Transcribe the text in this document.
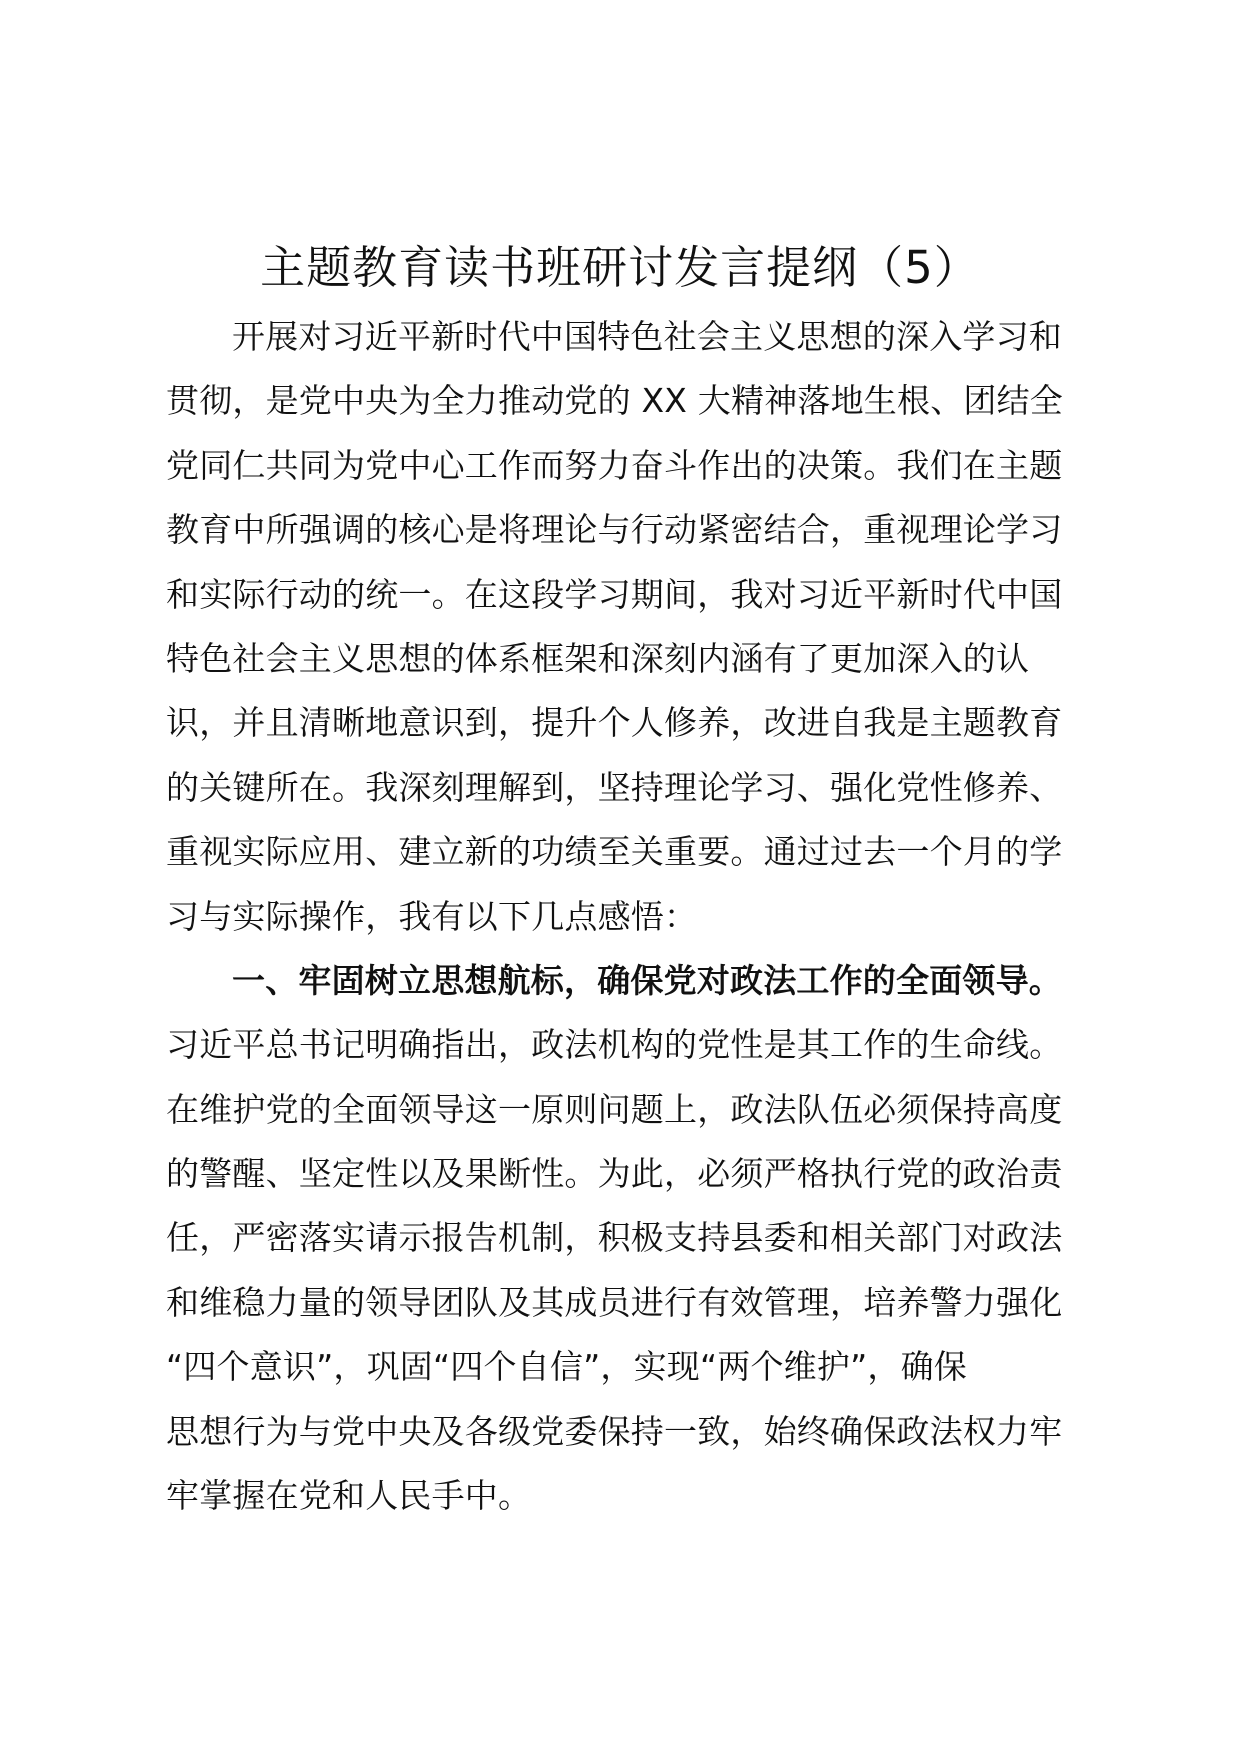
主题教育读书班研讨发言提纲（5）
开展对习近平新时代中国特色社会主义思想的深入学习和
贯彻，是党中央为全力推动党的 XX 大精神落地生根、团结全
党同仁共同为党中心工作而努力奋斗作出的决策。我们在主题
教育中所强调的核心是将理论与行动紧密结合，重视理论学习
和实际行动的统一。在这段学习期间，我对习近平新时代中国
特色社会主义思想的体系框架和深刻内涵有了更加深入的认
识，并且清晰地意识到，提升个人修养，改进自我是主题教育
的关键所在。我深刻理解到，坚持理论学习、强化党性修养、
重视实际应用、建立新的功绩至关重要。通过过去一个月的学
习与实际操作，我有以下几点感悟：
一、牢固树立思想航标，确保党对政法工作的全面领导。
习近平总书记明确指出，政法机构的党性是其工作的生命线。
在维护党的全面领导这一原则问题上，政法队伍必须保持高度
的警醒、坚定性以及果断性。为此，必须严格执行党的政治责
任，严密落实请示报告机制，积极支持县委和相关部门对政法
和维稳力量的领导团队及其成员进行有效管理，培养警力强化
“四个意识”，巩固“四个自信”，实现“两个维护”，确保
思想行为与党中央及各级党委保持一致，始终确保政法权力牢
牢掌握在党和人民手中。
